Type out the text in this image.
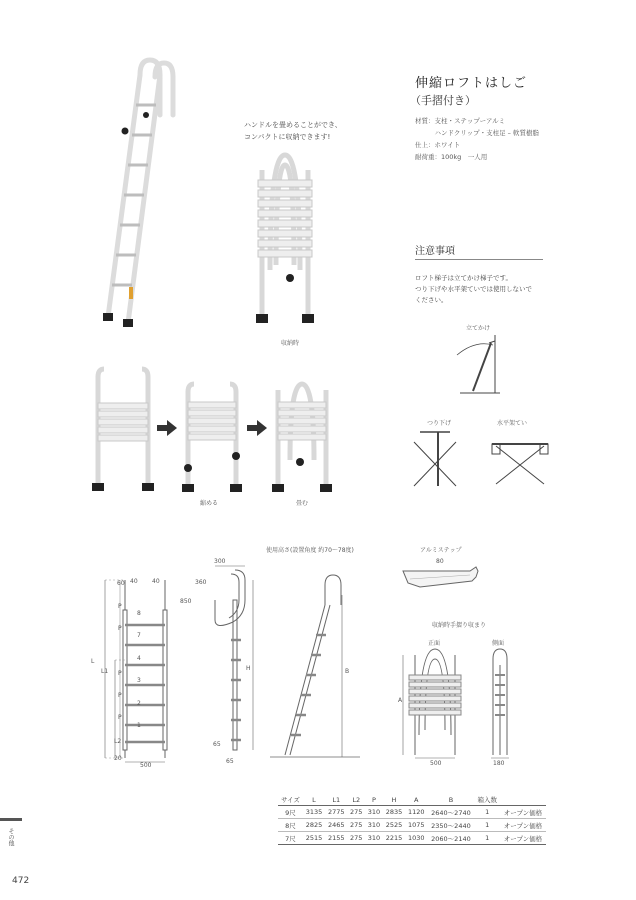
伸縮ロフトはしご
（手摺付き）
材質：支柱・ステップーアルミ
　　　ハンドクリップ・支柱足 – 軟質樹脂
仕上：ホワイト
耐荷重：100kg　一人用
ハンドルを畳めることができ、
コンパクトに収納できます!
収納時
注意事項
ロフト梯子は立てかけ梯子です。
つり下げや水平架ていでは使用しないで
ください。
立てかけ
つり下げ	水平架てい
縮める	畳む
使用高さ(設置角度 約70〜78度)
60 40 40
P
P
L
L1 P
P
P
L2
20
500
8
7
4
3
2
1
300
360
850
H
65
65
B
アルミステップ
80
収納時手摺り収まり
正面	側面
A
500	180
サイズ	L	L1	L2	P	H	A	B	箱入数	
9尺	3135	2775	275	310	2835	1120	2640〜2740	1	オープン価格
8尺	2825	2465	275	310	2525	1075	2350〜2440	1	オープン価格
7尺	2515	2155	275	310	2215	1030	2060〜2140	1	オープン価格
その他
472
